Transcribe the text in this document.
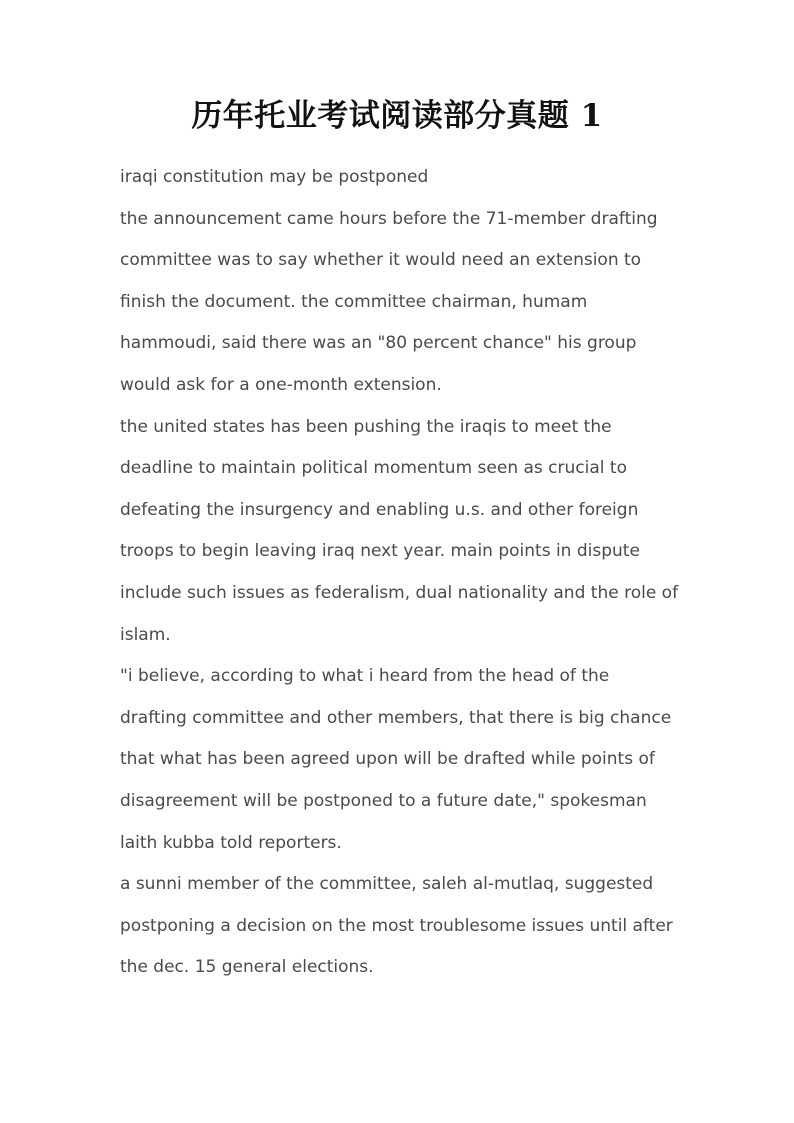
历年托业考试阅读部分真题 1
iraqi constitution may be postponed
the announcement came hours before the 71-member drafting
committee was to say whether it would need an extension to
finish the document. the committee chairman, humam
hammoudi, said there was an "80 percent chance" his group
would ask for a one-month extension.
the united states has been pushing the iraqis to meet the
deadline to maintain political momentum seen as crucial to
defeating the insurgency and enabling u.s. and other foreign
troops to begin leaving iraq next year. main points in dispute
include such issues as federalism, dual nationality and the role of
islam.
"i believe, according to what i heard from the head of the
drafting committee and other members, that there is big chance
that what has been agreed upon will be drafted while points of
disagreement will be postponed to a future date," spokesman
laith kubba told reporters.
a sunni member of the committee, saleh al-mutlaq, suggested
postponing a decision on the most troublesome issues until after
the dec. 15 general elections.
